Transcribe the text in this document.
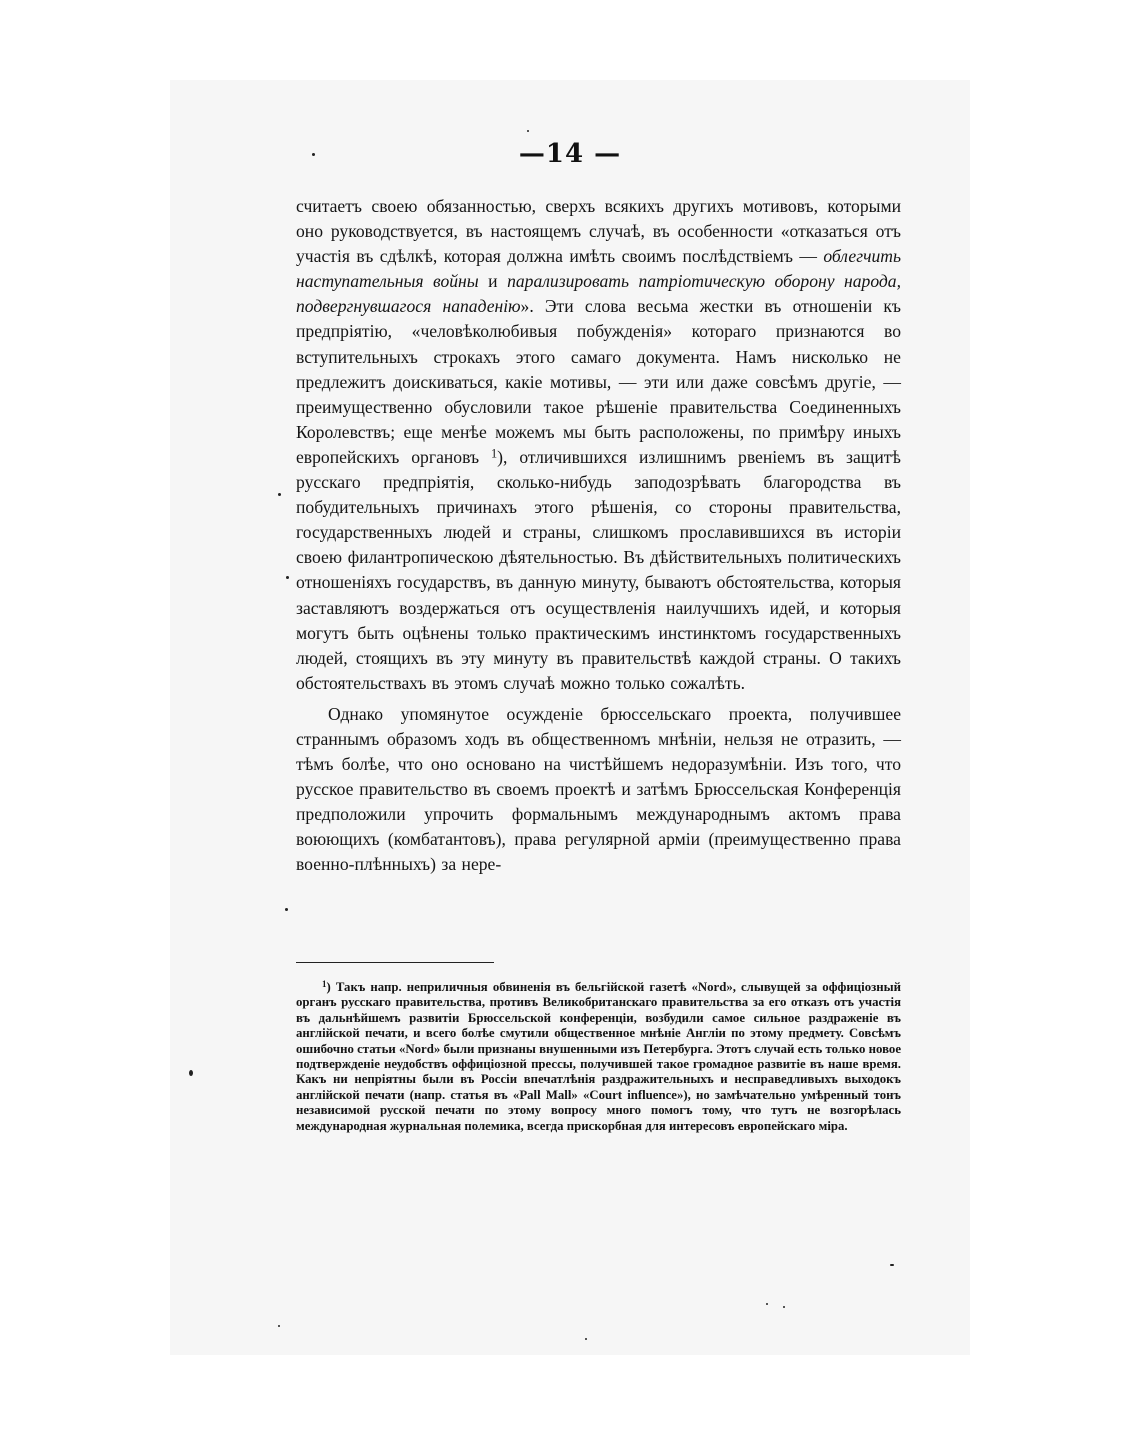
—14 —

считаетъ своею обязанностью, сверхъ всякихъ другихъ мотивовъ, которыми оно руководствуется, въ настоящемъ случаѣ, въ особенности «отказаться отъ участія въ сдѣлкѣ, которая должна имѣть своимъ послѣдствіемъ — облегчить наступательныя войны и парализировать патріотическую оборону народа, подвергнувшагося нападенію». Эти слова весьма жестки въ отношеніи къ предпріятію, «человѣколюбивыя побужденія» котораго признаются во вступительныхъ строкахъ этого самаго документа. Намъ нисколько не предлежитъ доискиваться, какіе мотивы, — эти или даже совсѣмъ другіе, — преимущественно обусловили такое рѣшеніе правительства Соединенныхъ Королевствъ; еще менѣе можемъ мы быть расположены, по примѣру иныхъ европейскихъ органовъ $^1$), отличившихся излишнимъ рвеніемъ въ защитѣ русскаго предпріятія, сколько-нибудь заподозрѣвать благородства въ побудительныхъ причинахъ этого рѣшенія, со стороны правительства, государственныхъ людей и страны, слишкомъ прославившихся въ исторіи своею филантропическою дѣятельностью. Въ дѣйствительныхъ политическихъ отношеніяхъ государствъ, въ данную минуту, бываютъ обстоятельства, которыя заставляютъ воздержаться отъ осуществленія наилучшихъ идей, и которыя могутъ быть оцѣнены только практическимъ инстинктомъ государственныхъ людей, стоящихъ въ эту минуту въ правительствѣ каждой страны. О такихъ обстоятельствахъ въ этомъ случаѣ можно только сожалѣть.

Однако упомянутое осужденіе брюссельскаго проекта, получившее страннымъ образомъ ходъ въ общественномъ мнѣніи, нельзя не отразить, — тѣмъ болѣе, что оно основано на чистѣйшемъ недоразумѣніи. Изъ того, что русское правительство въ своемъ проектѣ и затѣмъ Брюссельская Конференція предположили упрочить формальнымъ международнымъ актомъ права воюющихъ (комбатантовъ), права регулярной арміи (преимущественно права военно-плѣнныхъ) за нере-

$^1$) Такъ напр. неприличныя обвиненія въ бельгійской газетѣ «Nord», слывущей за оффиціозный органъ русскаго правительства, противъ Великобританскаго правительства за его отказъ отъ участія въ дальнѣйшемъ развитіи Брюссельской конференціи, возбудили самое сильное раздраженіе въ англійской печати, и всего болѣе смутили общественное мнѣніе Англіи по этому предмету. Совсѣмъ ошибочно статьи «Nord» были признаны внушенными изъ Петербурга. Этотъ случай есть только новое подтвержденіе неудобствъ оффиціозной прессы, получившей такое громадное развитіе въ наше время. Какъ ни непріятны были въ Россіи впечатлѣнія раздражительныхъ и несправедливыхъ выходокъ англійской печати (напр. статья въ «Pall Mall» «Court influence»), но замѣчательно умѣренный тонъ независимой русской печати по этому вопросу много помогъ тому, что тутъ не возгорѣлась международная журнальная полемика, всегда прискорбная для интересовъ европейскаго міра.
